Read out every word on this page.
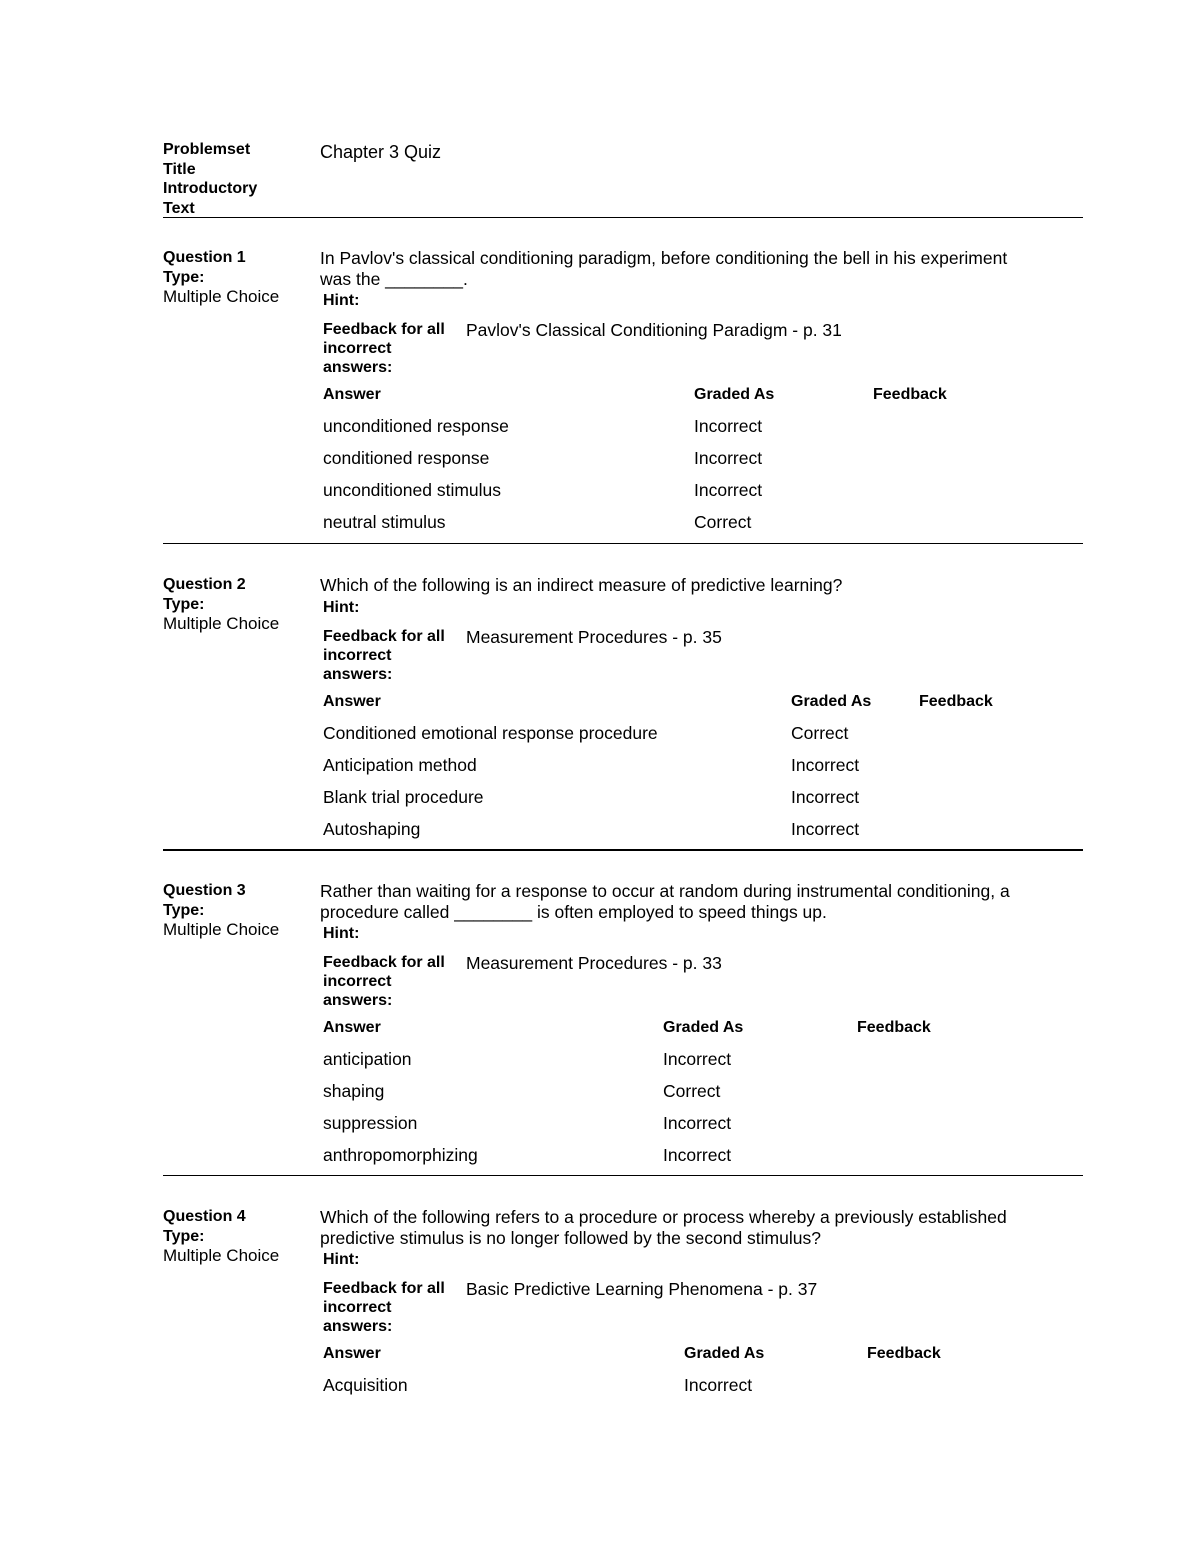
Problemset
Title
Introductory
Text
Chapter 3 Quiz
Question 1
Type:
Multiple Choice
In Pavlov's classical conditioning paradigm, before conditioning the bell in his experiment
was the ________.
Hint:
Feedback for all
incorrect
answers:
Pavlov's Classical Conditioning Paradigm - p. 31
Answer	Graded As	Feedback
unconditioned response	Incorrect	
conditioned response	Incorrect	
unconditioned stimulus	Incorrect	
neutral stimulus	Correct	
Question 2
Type:
Multiple Choice
Which of the following is an indirect measure of predictive learning?
Hint:
Feedback for all
incorrect
answers:
Measurement Procedures - p. 35
Answer	Graded As	Feedback
Conditioned emotional response procedure	Correct	
Anticipation method	Incorrect	
Blank trial procedure	Incorrect	
Autoshaping	Incorrect	
Question 3
Type:
Multiple Choice
Rather than waiting for a response to occur at random during instrumental conditioning, a
procedure called ________ is often employed to speed things up.
Hint:
Feedback for all
incorrect
answers:
Measurement Procedures - p. 33
Answer	Graded As	Feedback
anticipation	Incorrect	
shaping	Correct	
suppression	Incorrect	
anthropomorphizing	Incorrect	
Question 4
Type:
Multiple Choice
Which of the following refers to a procedure or process whereby a previously established
predictive stimulus is no longer followed by the second stimulus?
Hint:
Feedback for all
incorrect
answers:
Basic Predictive Learning Phenomena - p. 37
Answer	Graded As	Feedback
Acquisition	Incorrect	
